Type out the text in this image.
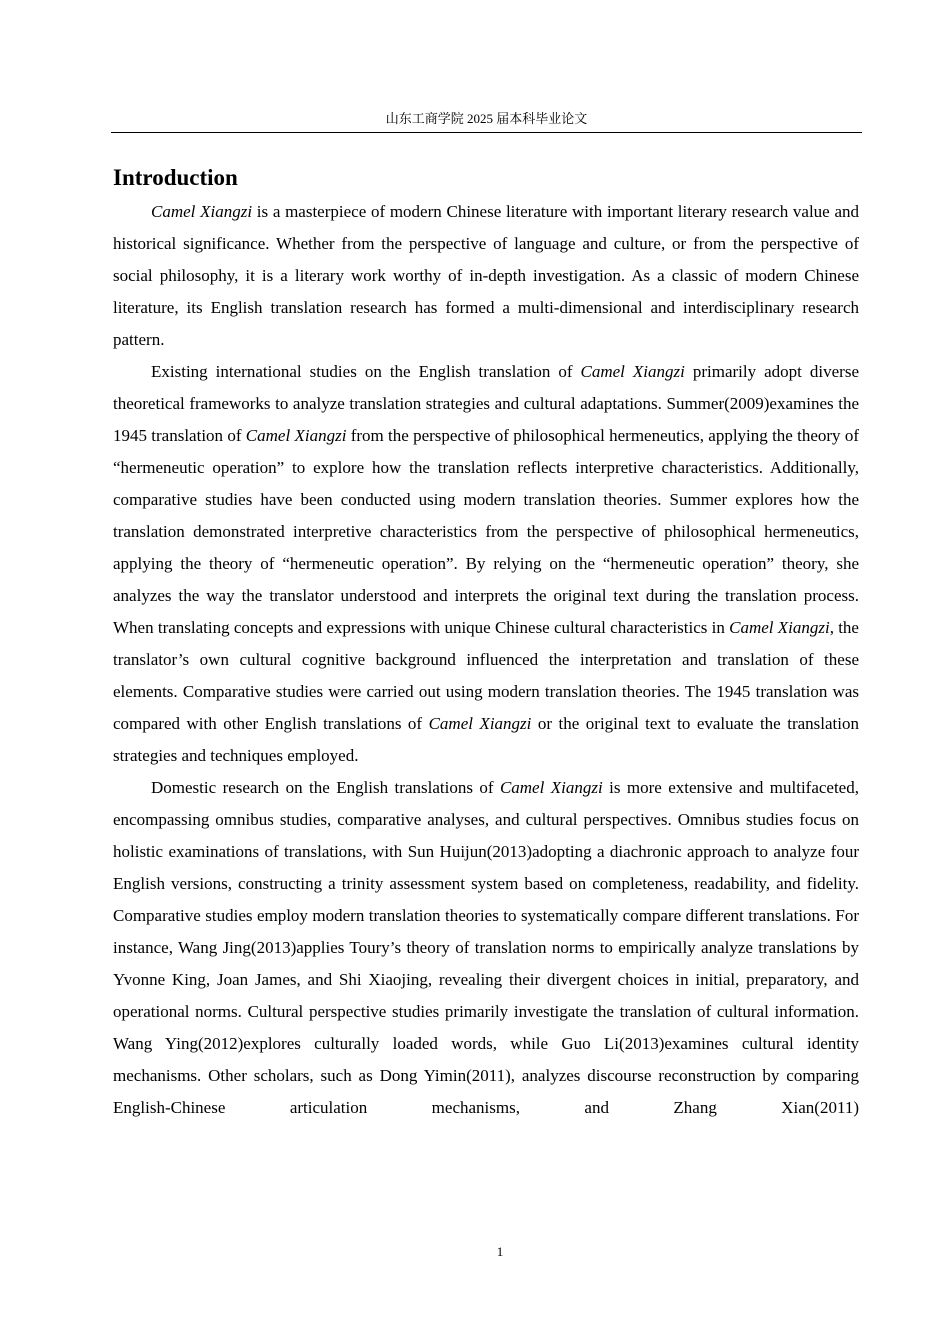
山东工商学院 2025 届本科毕业论文
Introduction

Camel Xiangzi is a masterpiece of modern Chinese literature with important literary research value and historical significance. Whether from the perspective of language and culture, or from the perspective of social philosophy, it is a literary work worthy of in-depth investigation. As a classic of modern Chinese literature, its English translation research has formed a multi-dimensional and interdisciplinary research pattern.

Existing international studies on the English translation of Camel Xiangzi primarily adopt diverse theoretical frameworks to analyze translation strategies and cultural adaptations. Summer(2009)examines the 1945 translation of Camel Xiangzi from the perspective of philosophical hermeneutics, applying the theory of “hermeneutic operation” to explore how the translation reflects interpretive characteristics. Additionally, comparative studies have been conducted using modern translation theories. Summer explores how the translation demonstrated interpretive characteristics from the perspective of philosophical hermeneutics, applying the theory of “hermeneutic operation”. By relying on the “hermeneutic operation” theory, she analyzes the way the translator understood and interprets the original text during the translation process. When translating concepts and expressions with unique Chinese cultural characteristics in Camel Xiangzi, the translator’s own cultural cognitive background influenced the interpretation and translation of these elements. Comparative studies were carried out using modern translation theories. The 1945 translation was compared with other English translations of Camel Xiangzi or the original text to evaluate the translation strategies and techniques employed.

Domestic research on the English translations of Camel Xiangzi is more extensive and multifaceted, encompassing omnibus studies, comparative analyses, and cultural perspectives. Omnibus studies focus on holistic examinations of translations, with Sun Huijun(2013)adopting a diachronic approach to analyze four English versions, constructing a trinity assessment system based on completeness, readability, and fidelity. Comparative studies employ modern translation theories to systematically compare different translations. For instance, Wang Jing(2013)applies Toury’s theory of translation norms to empirically analyze translations by Yvonne King, Joan James, and Shi Xiaojing, revealing their divergent choices in initial, preparatory, and operational norms. Cultural perspective studies primarily investigate the translation of cultural information. Wang Ying(2012)explores culturally loaded words, while Guo Li(2013)examines cultural identity mechanisms. Other scholars, such as Dong Yimin(2011), analyzes discourse reconstruction by comparing English-Chinese articulation mechanisms, and Zhang Xian(2011)

1
